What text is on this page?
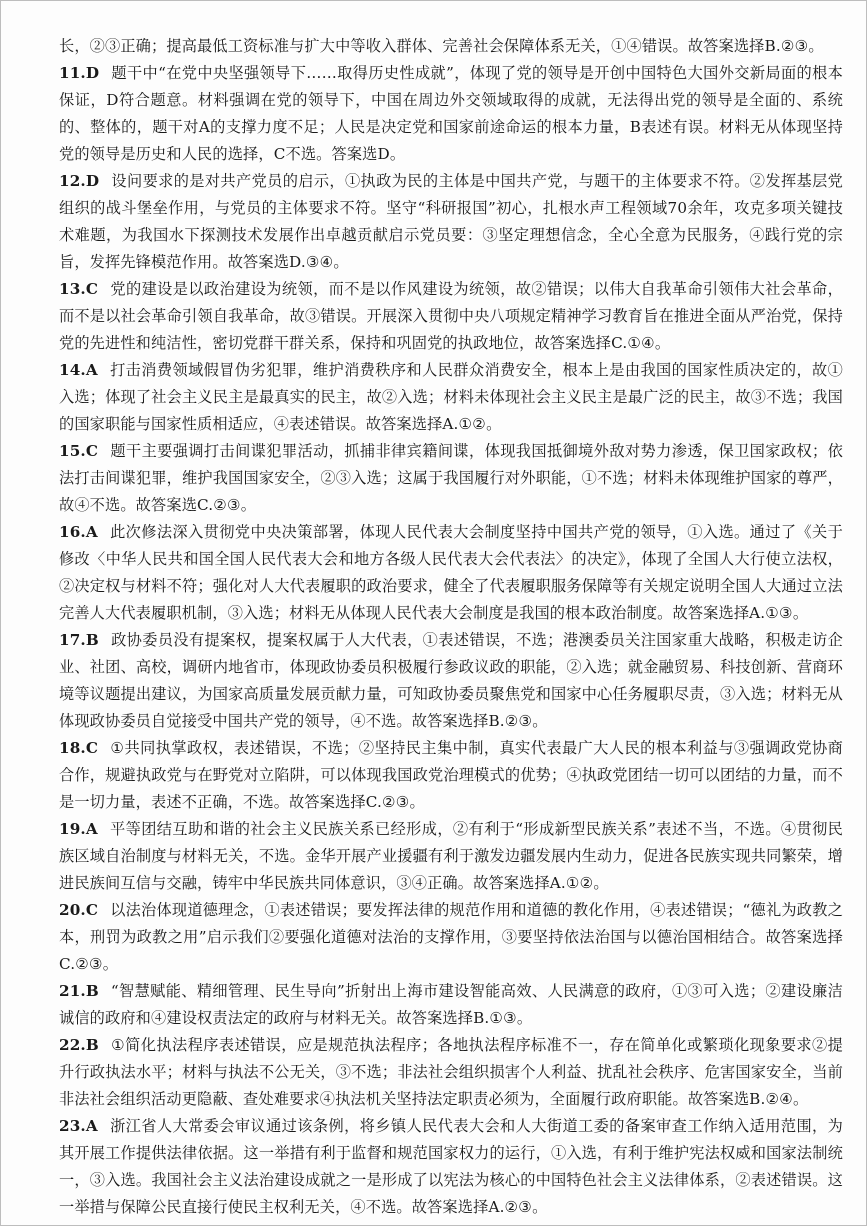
长，②③正确；提高最低工资标准与扩大中等收入群体、完善社会保障体系无关，①④错误。故答案选择B.②③。

11.D 题干中“在党中央坚强领导下……取得历史性成就”，体现了党的领导是开创中国特色大国外交新局面的根本保证，D符合题意。材料强调在党的领导下，中国在周边外交领域取得的成就，无法得出党的领导是全面的、系统的、整体的，题干对A的支撑力度不足；人民是决定党和国家前途命运的根本力量，B表述有误。材料无从体现坚持党的领导是历史和人民的选择，C不选。答案选D。

12.D 设问要求的是对共产党员的启示，①执政为民的主体是中国共产党，与题干的主体要求不符。②发挥基层党组织的战斗堡垒作用，与党员的主体要求不符。坚守“科研报国”初心，扎根水声工程领域70余年，攻克多项关键技术难题，为我国水下探测技术发展作出卓越贡献启示党员要：③坚定理想信念，全心全意为民服务，④践行党的宗旨，发挥先锋模范作用。故答案选D.③④。

13.C 党的建设是以政治建设为统领，而不是以作风建设为统领，故②错误；以伟大自我革命引领伟大社会革命，而不是以社会革命引领自我革命，故③错误。开展深入贯彻中央八项规定精神学习教育旨在推进全面从严治党，保持党的先进性和纯洁性，密切党群干群关系，保持和巩固党的执政地位，故答案选择C.①④。

14.A 打击消费领域假冒伪劣犯罪，维护消费秩序和人民群众消费安全，根本上是由我国的国家性质决定的，故①入选；体现了社会主义民主是最真实的民主，故②入选；材料未体现社会主义民主是最广泛的民主，故③不选；我国的国家职能与国家性质相适应，④表述错误。故答案选择A.①②。

15.C 题干主要强调打击间谍犯罪活动，抓捕非律宾籍间谍，体现我国抵御境外敌对势力渗透，保卫国家政权；依法打击间谍犯罪，维护我国国家安全，②③入选；这属于我国履行对外职能，①不选；材料未体现维护国家的尊严，故④不选。故答案选C.②③。

16.A 此次修法深入贯彻党中央决策部署，体现人民代表大会制度坚持中国共产党的领导，①入选。通过了《关于修改〈中华人民共和国全国人民代表大会和地方各级人民代表大会代表法〉的决定》，体现了全国人大行使立法权，②决定权与材料不符；强化对人大代表履职的政治要求，健全了代表履职服务保障等有关规定说明全国人大通过立法完善人大代表履职机制，③入选；材料无从体现人民代表大会制度是我国的根本政治制度。故答案选择A.①③。

17.B 政协委员没有提案权，提案权属于人大代表，①表述错误，不选；港澳委员关注国家重大战略，积极走访企业、社团、高校，调研内地省市，体现政协委员积极履行参政议政的职能，②入选；就金融贸易、科技创新、营商环境等议题提出建议，为国家高质量发展贡献力量，可知政协委员聚焦党和国家中心任务履职尽责，③入选；材料无从体现政协委员自觉接受中国共产党的领导，④不选。故答案选择B.②③。

18.C ①共同执掌政权，表述错误，不选；②坚持民主集中制，真实代表最广大人民的根本利益与③强调政党协商合作，规避执政党与在野党对立陷阱，可以体现我国政党治理模式的优势；④执政党团结一切可以团结的力量，而不是一切力量，表述不正确，不选。故答案选择C.②③。

19.A 平等团结互助和谐的社会主义民族关系已经形成，②有利于“形成新型民族关系”表述不当，不选。④贯彻民族区域自治制度与材料无关，不选。金华开展产业援疆有利于激发边疆发展内生动力，促进各民族实现共同繁荣，增进民族间互信与交融，铸牢中华民族共同体意识，③④正确。故答案选择A.①②。

20.C 以法治体现道德理念，①表述错误；要发挥法律的规范作用和道德的教化作用，④表述错误；“德礼为政教之本，刑罚为政教之用”启示我们②要强化道德对法治的支撑作用，③要坚持依法治国与以德治国相结合。故答案选择C.②③。

21.B “智慧赋能、精细管理、民生导向”折射出上海市建设智能高效、人民满意的政府，①③可入选；②建设廉洁诚信的政府和④建设权责法定的政府与材料无关。故答案选择B.①③。

22.B ①简化执法程序表述错误，应是规范执法程序；各地执法程序标准不一，存在简单化或繁琐化现象要求②提升行政执法水平；材料与执法不公无关，③不选；非法社会组织损害个人利益、扰乱社会秩序、危害国家安全，当前非法社会组织活动更隐蔽、查处难要求④执法机关坚持法定职责必须为，全面履行政府职能。故答案选B.②④。

23.A 浙江省人大常委会审议通过该条例，将乡镇人民代表大会和人大街道工委的备案审查工作纳入适用范围，为其开展工作提供法律依据。这一举措有利于监督和规范国家权力的运行，①入选，有利于维护宪法权威和国家法制统一，③入选。我国社会主义法治建设成就之一是形成了以宪法为核心的中国特色社会主义法律体系，②表述错误。这一举措与保障公民直接行使民主权利无关，④不选。故答案选择A.②③。
